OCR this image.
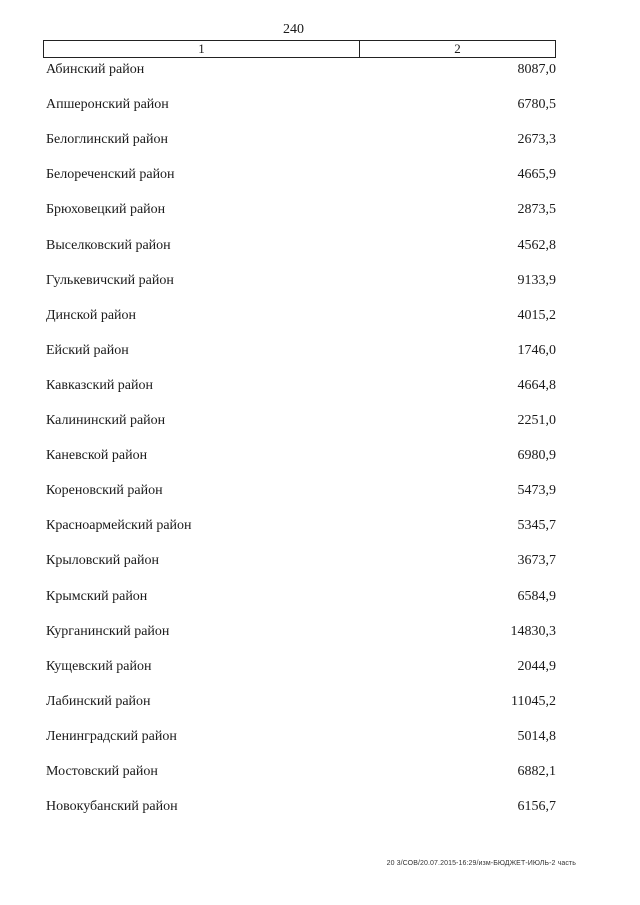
240
1	2
Абинский район	8087,0
Апшеронский район	6780,5
Белоглинский район	2673,3
Белореченский район	4665,9
Брюховецкий район	2873,5
Выселковский район	4562,8
Гулькевичский район	9133,9
Динской район	4015,2
Ейский район	1746,0
Кавказский район	4664,8
Калининский район	2251,0
Каневской район	6980,9
Кореновский район	5473,9
Красноармейский район	5345,7
Крыловский район	3673,7
Крымский район	6584,9
Курганинский район	14830,3
Кущевский район	2044,9
Лабинский район	11045,2
Ленинградский район	5014,8
Мостовский район	6882,1
Новокубанский район	6156,7
20 3/СОВ/20.07.2015-16:29/изм-БЮДЖЕТ-ИЮЛЬ-2 часть
